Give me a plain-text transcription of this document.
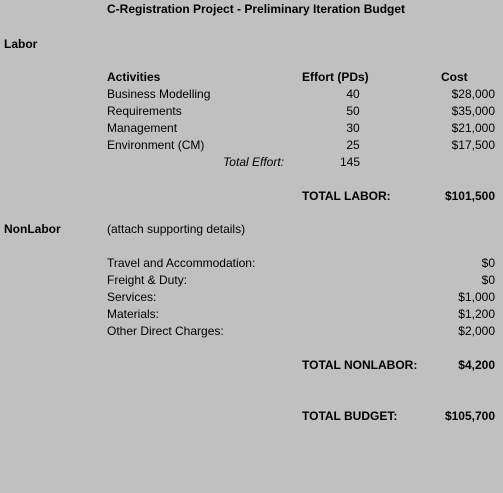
C-Registration Project - Preliminary Iteration Budget
Labor
Activities	Effort (PDs)	Cost
Business Modelling	40	$28,000
Requirements	50	$35,000
Management	30	$21,000
Environment (CM)	25	$17,500
Total Effort:	145
TOTAL LABOR:	$101,500
NonLabor	(attach supporting details)
Travel and Accommodation:	$0
Freight & Duty:	$0
Services:	$1,000
Materials:	$1,200
Other Direct Charges:	$2,000
TOTAL NONLABOR:	$4,200
TOTAL BUDGET:	$105,700
